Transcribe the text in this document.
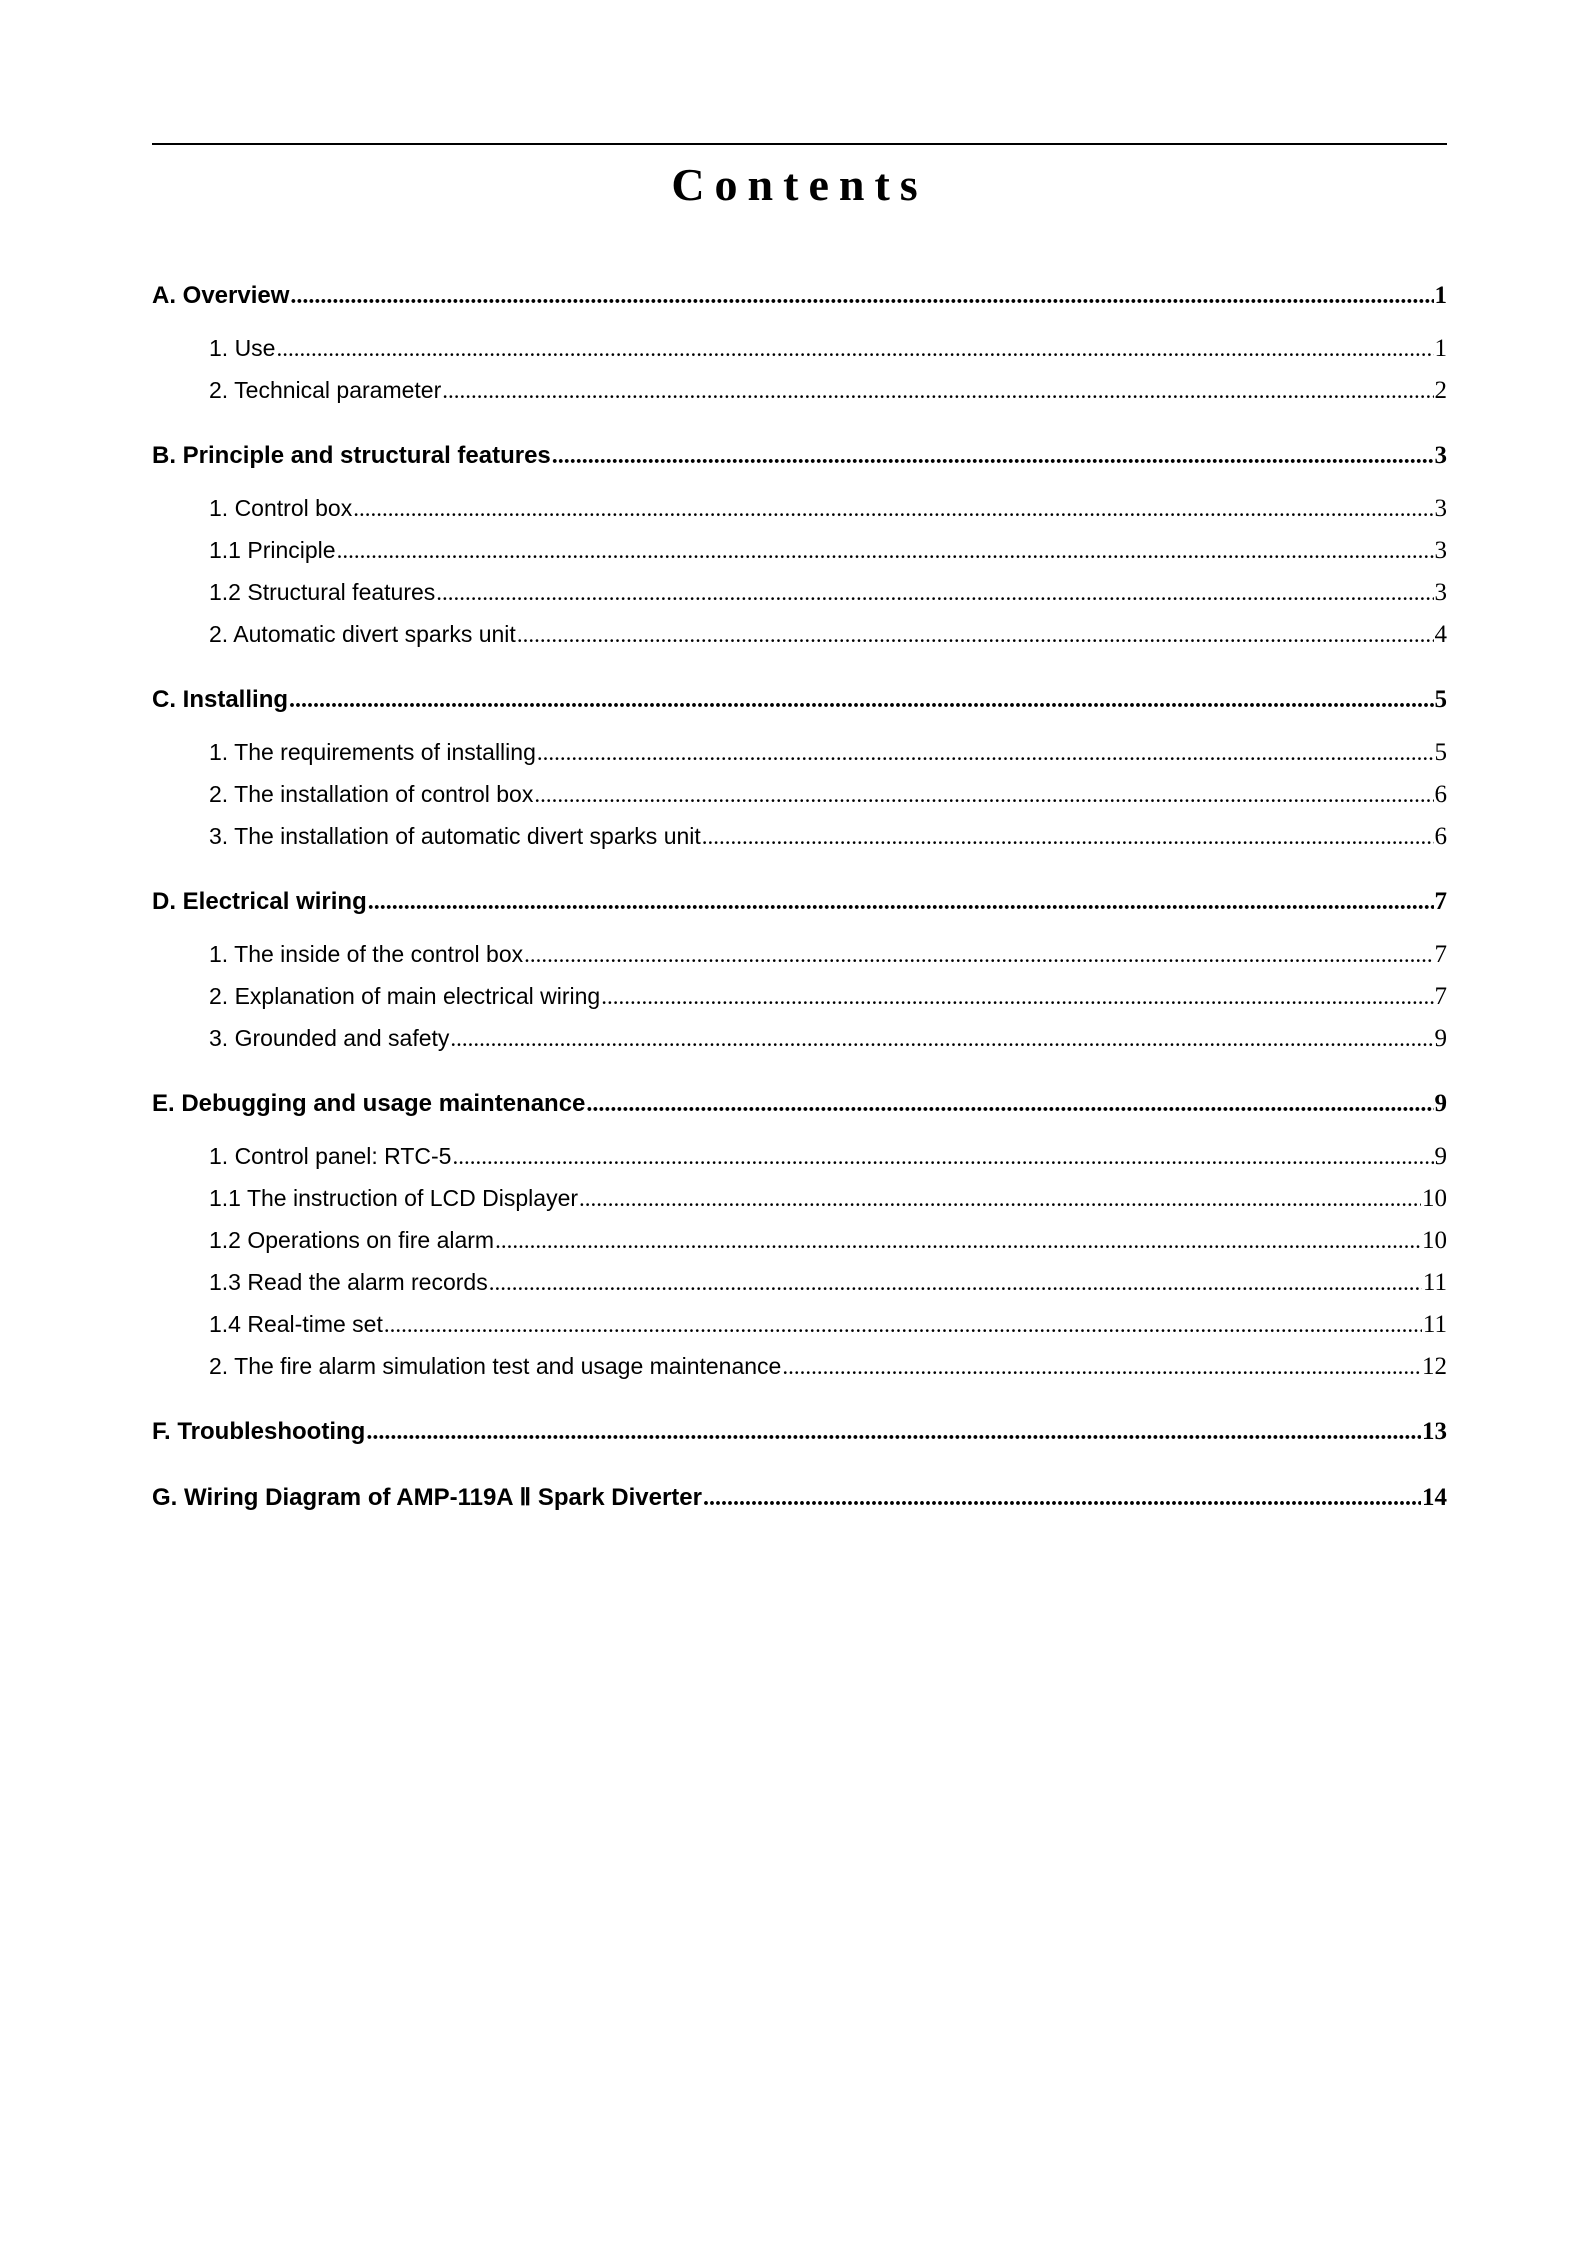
Contents
A. Overview .....	1
1. Use .....	1
2. Technical parameter .....	2
B. Principle and structural features .....	3
1. Control box .....	3
1.1 Principle .....	3
1.2 Structural features .....	3
2. Automatic divert sparks unit .....	4
C. Installing .....	5
1. The requirements of installing .....	5
2. The installation of control box .....	6
3. The installation of automatic divert sparks unit .....	6
D. Electrical wiring .....	7
1. The inside of the control box .....	7
2. Explanation of main electrical wiring .....	7
3. Grounded and safety .....	9
E. Debugging and usage maintenance .....	9
1. Control panel: RTC-5 .....	9
1.1 The instruction of LCD Displayer .....	10
1.2 Operations on fire alarm .....	10
1.3 Read the alarm records .....	11
1.4 Real-time set .....	11
2. The fire alarm simulation test and usage maintenance .....	12
F. Troubleshooting .....	13
G. Wiring Diagram of AMP-119A Ⅱ Spark Diverter .....	14
